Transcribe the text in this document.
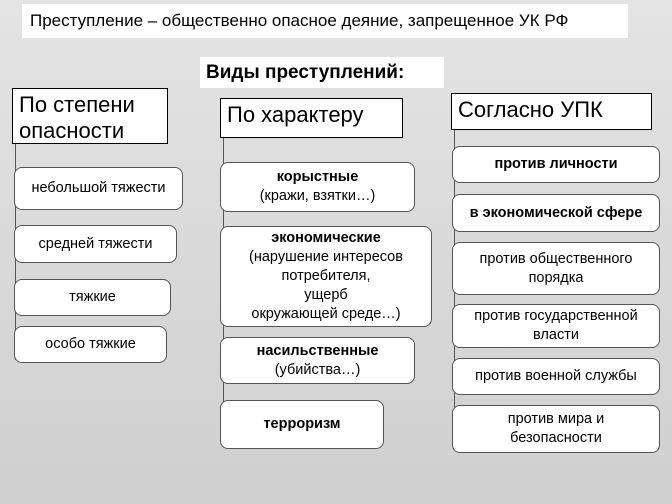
Преступление – общественно опасное деяние, запрещенное УК РФ
Виды преступлений:
По степени
опасности
небольшой тяжести
средней тяжести
тяжкие
особо тяжкие
По характеру
корыстные
(кражи, взятки…)
экономические
(нарушение интересов
потребителя,
ущерб
окружающей среде…)
насильственные
(убийства…)
терроризм
Согласно УПК
против личности
в экономической сфере
против общественного
порядка
против государственной
власти
против военной службы
против мира и
безопасности
